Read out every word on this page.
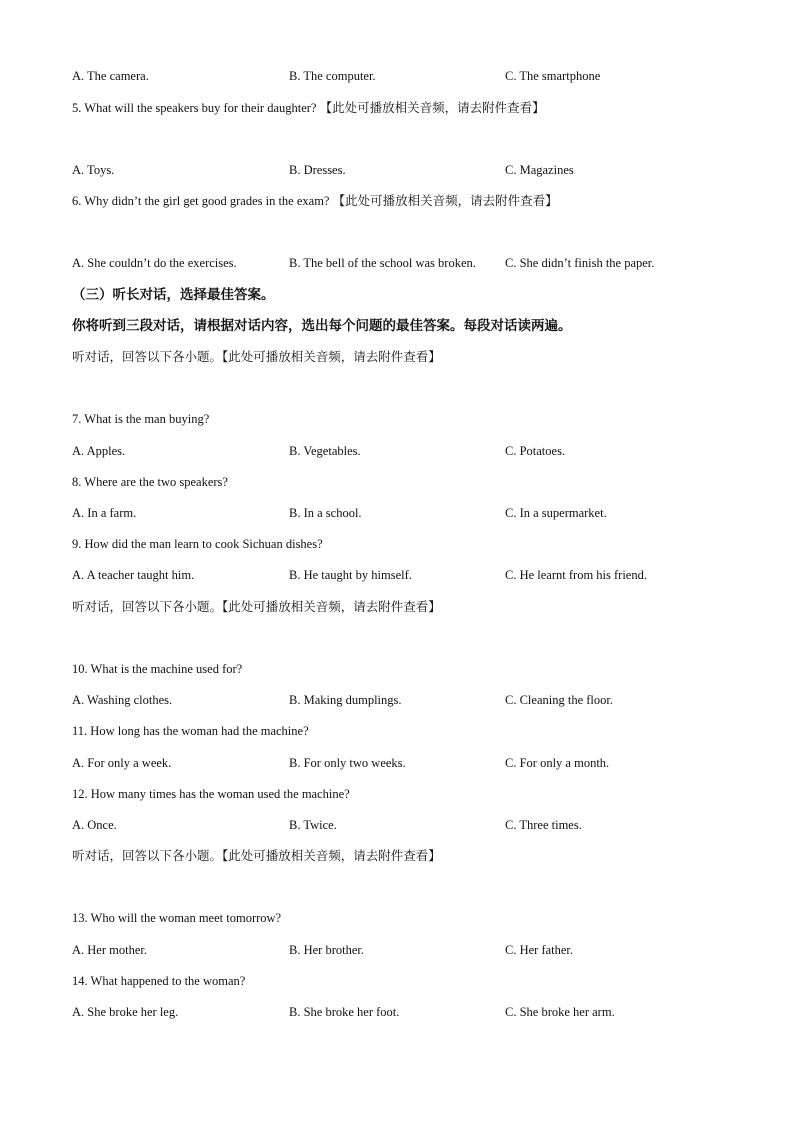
A. The camera.	B. The computer.	C. The smartphone
5. What will the speakers buy for their daughter? 【此处可播放相关音频，请去附件查看】
A. Toys.	B. Dresses.	C. Magazines
6. Why didn’t the girl get good grades in the exam? 【此处可播放相关音频，请去附件查看】
A. She couldn’t do the exercises.	B. The bell of the school was broken. C. She didn’t finish the paper.
（三）听长对话，选择最佳答案。
你将听到三段对话，请根据对话内容，选出每个问题的最佳答案。每段对话读两遍。
听对话，回答以下各小题。【此处可播放相关音频，请去附件查看】
7. What is the man buying?
A. Apples.	B. Vegetables.	C. Potatoes.
8. Where are the two speakers?
A. In a farm.	B. In a school.	C. In a supermarket.
9. How did the man learn to cook Sichuan dishes?
A. A teacher taught him.	B. He taught by himself.	C. He learnt from his friend.
听对话，回答以下各小题。【此处可播放相关音频，请去附件查看】
10. What is the machine used for?
A. Washing clothes.	B. Making dumplings.	C. Cleaning the floor.
11. How long has the woman had the machine?
A. For only a week.	B. For only two weeks.	C. For only a month.
12. How many times has the woman used the machine?
A. Once.	B. Twice.	C. Three times.
听对话，回答以下各小题。【此处可播放相关音频，请去附件查看】
13. Who will the woman meet tomorrow?
A. Her mother.	B. Her brother.	C. Her father.
14. What happened to the woman?
A. She broke her leg.	B. She broke her foot.	C. She broke her arm.
